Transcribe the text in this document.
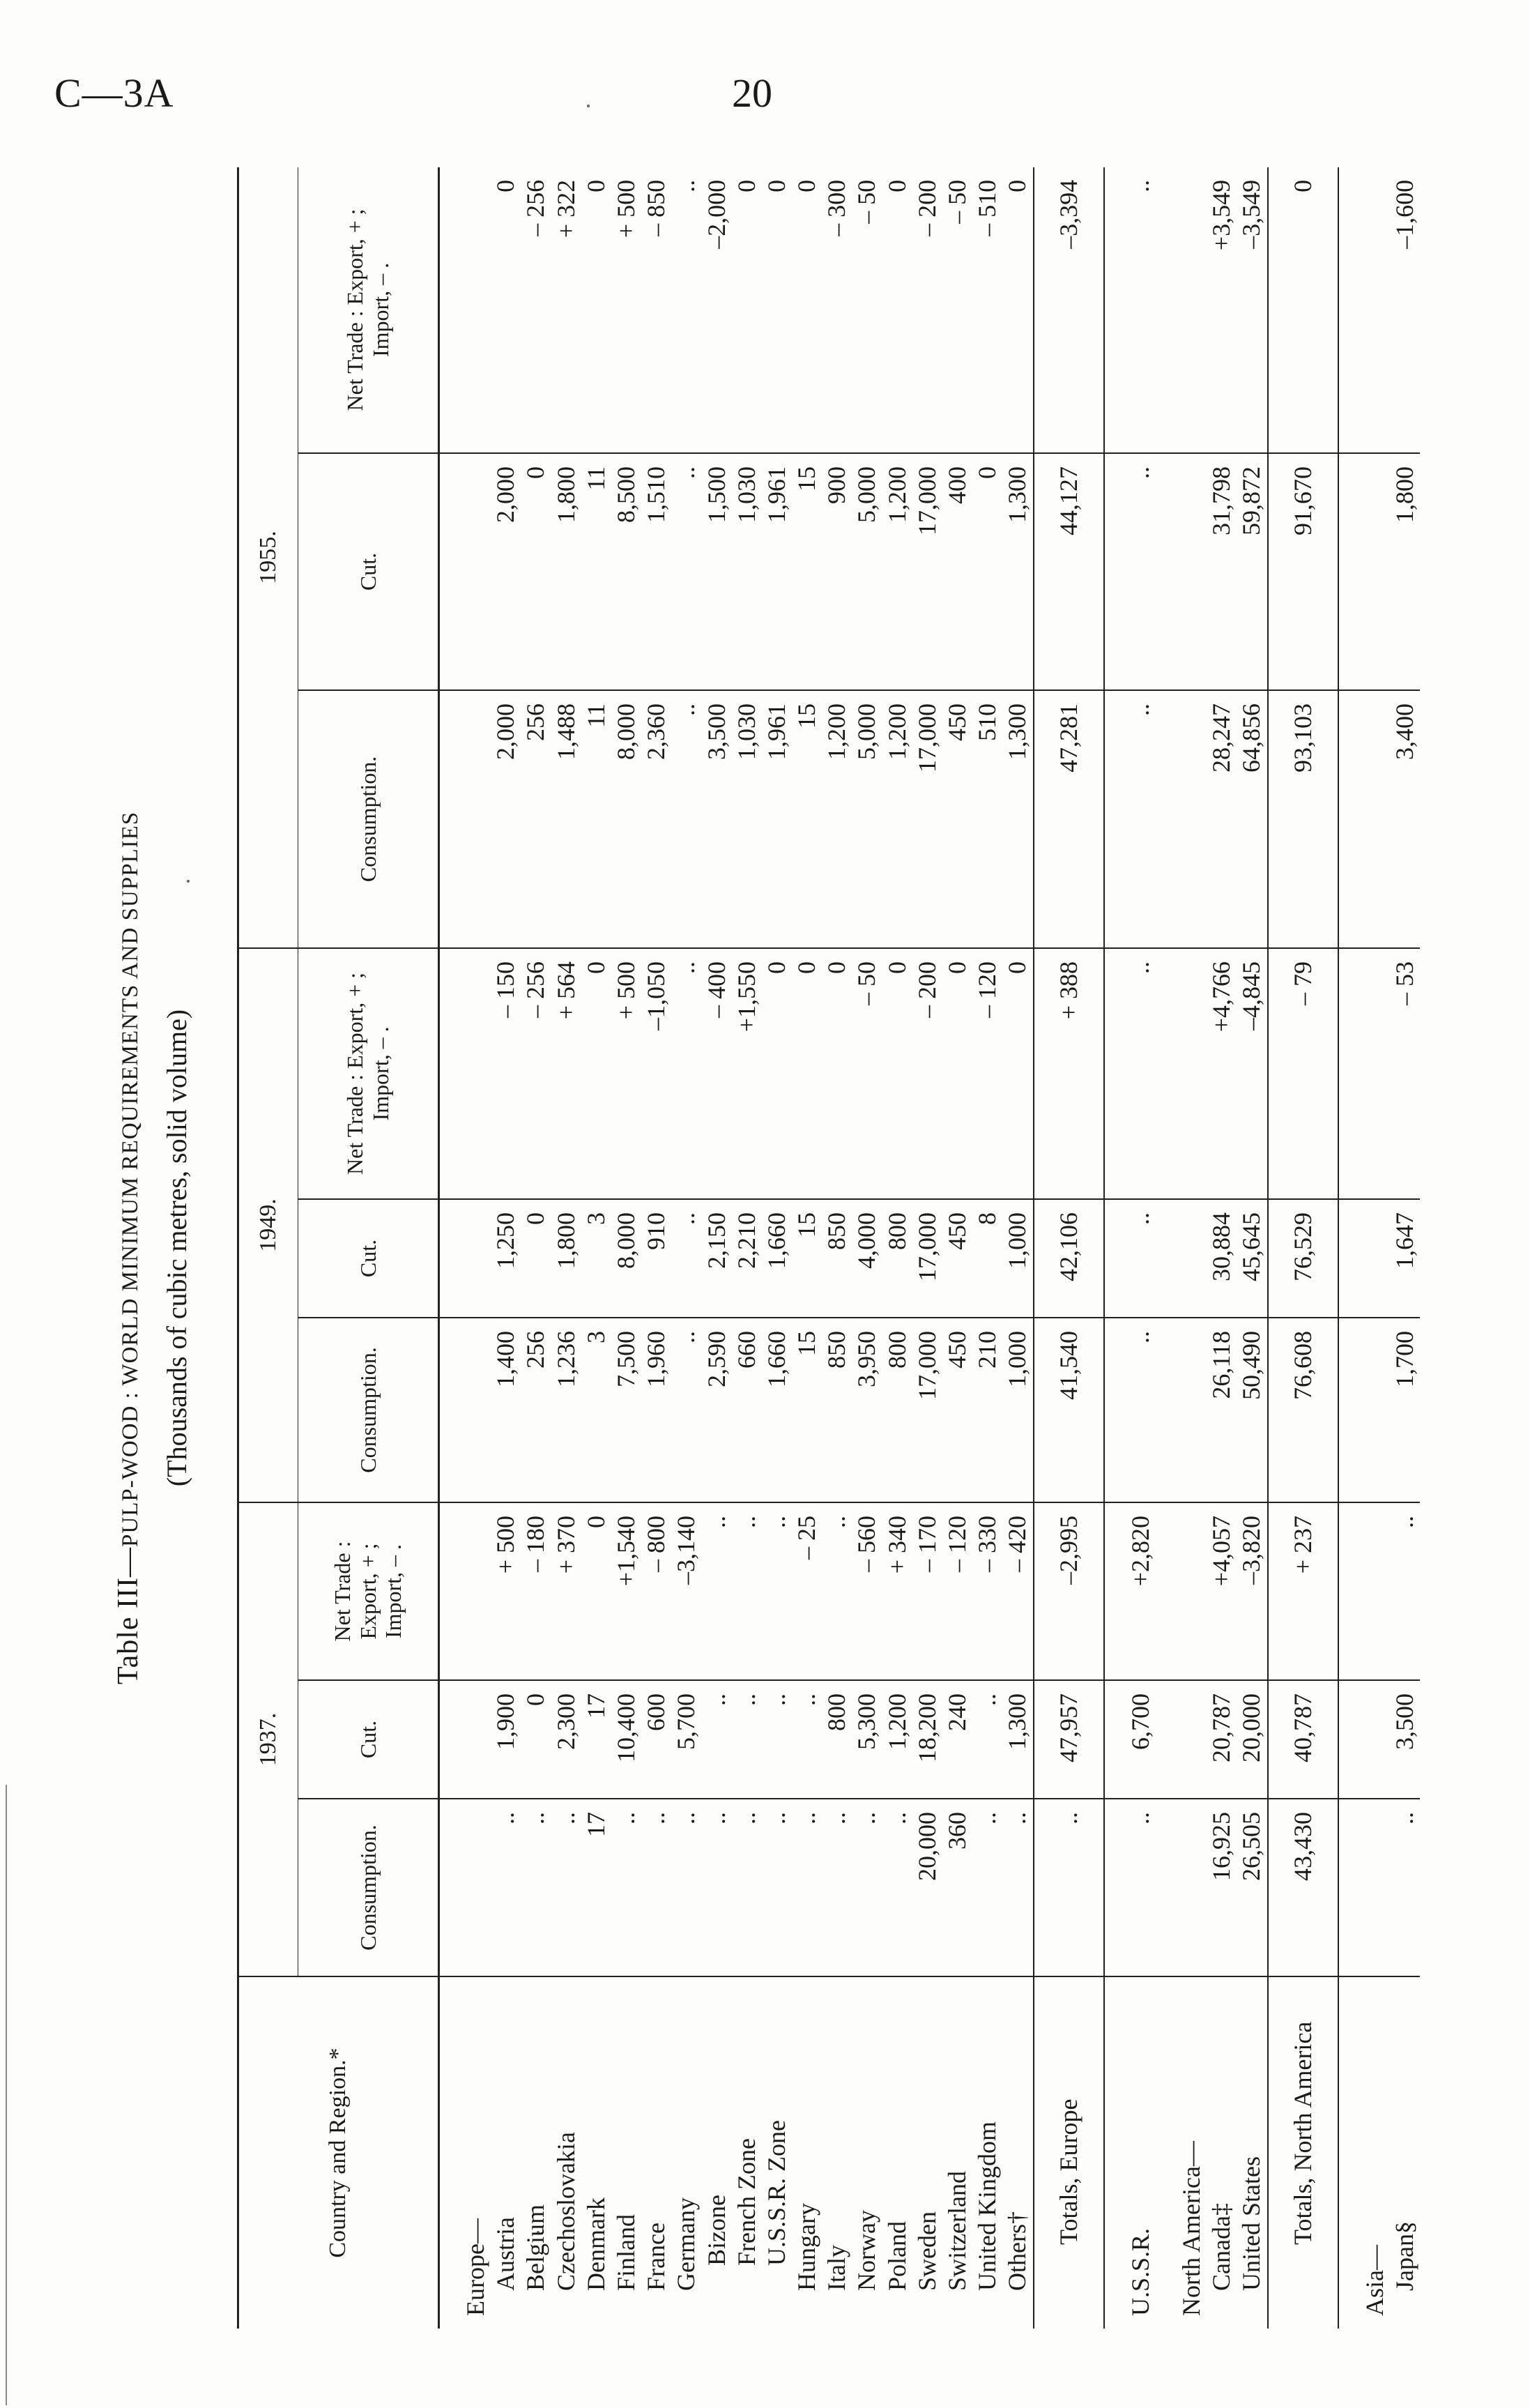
C—3A	20
Table III—PULP-WOOD : WORLD MINIMUM REQUIREMENTS AND SUPPLIES (Thousands of cubic metres, solid volume)
Country and Region.*	1937.			1949.			1955.		
	Consumption.	Cut.	Net Trade : Export, + ; Import, – .	Consumption.	Cut.	Net Trade : Export, + ; Import, – .	Consumption.	Cut.	Net Trade : Export, + ; Import, – .
Europe—									
Austria	..	1,900	+ 500	1,400	1,250	– 150	2,000	2,000	0
Belgium	..	0	– 180	256	0	– 256	256	0	– 256
Czechoslovakia	..	2,300	+ 370	1,236	1,800	+ 564	1,488	1,800	+ 322
Denmark	17	17	0	3	3	0	11	11	0
Finland	..	10,400	+1,540	7,500	8,000	+ 500	8,000	8,500	+ 500
France	..	600	– 800	1,960	910	–1,050	2,360	1,510	– 850
Germany	..	5,700	–3,140	..	..	..	..	..	..
Bizone	..	..	..	2,590	2,150	– 400	3,500	1,500	–2,000
French Zone	..	..	..	660	2,210	+1,550	1,030	1,030	0
U.S.S.R. Zone	..	..	..	1,660	1,660	0	1,961	1,961	0
Hungary	..	..	– 25	15	15	0	15	15	0
Italy	..	800	..	850	850	0	1,200	900	– 300
Norway	..	5,300	– 560	3,950	4,000	– 50	5,000	5,000	– 50
Poland	..	1,200	+ 340	800	800	0	1,200	1,200	0
Sweden	20,000	18,200	– 170	17,000	17,000	– 200	17,000	17,000	– 200
Switzerland	360	240	– 120	450	450	0	450	400	– 50
United Kingdom	..	..	– 330	210	8	– 120	510	0	– 510
Others†	..	1,300	– 420	1,000	1,000	0	1,300	1,300	0
Totals, Europe	..	47,957	–2,995	41,540	42,106	+ 388	47,281	44,127	–3,394
U.S.S.R.	..	6,700	+2,820	..	..	..	..	..	..
North America—									
Canada‡	16,925	20,787	+4,057	26,118	30,884	+4,766	28,247	31,798	+3,549
United States	26,505	20,000	–3,820	50,490	45,645	–4,845	64,856	59,872	–3,549
Totals, North America	43,430	40,787	+ 237	76,608	76,529	– 79	93,103	91,670	0
Asia—									
Japan§	..	3,500	..	1,700	1,647	– 53	3,400	1,800	–1,600
